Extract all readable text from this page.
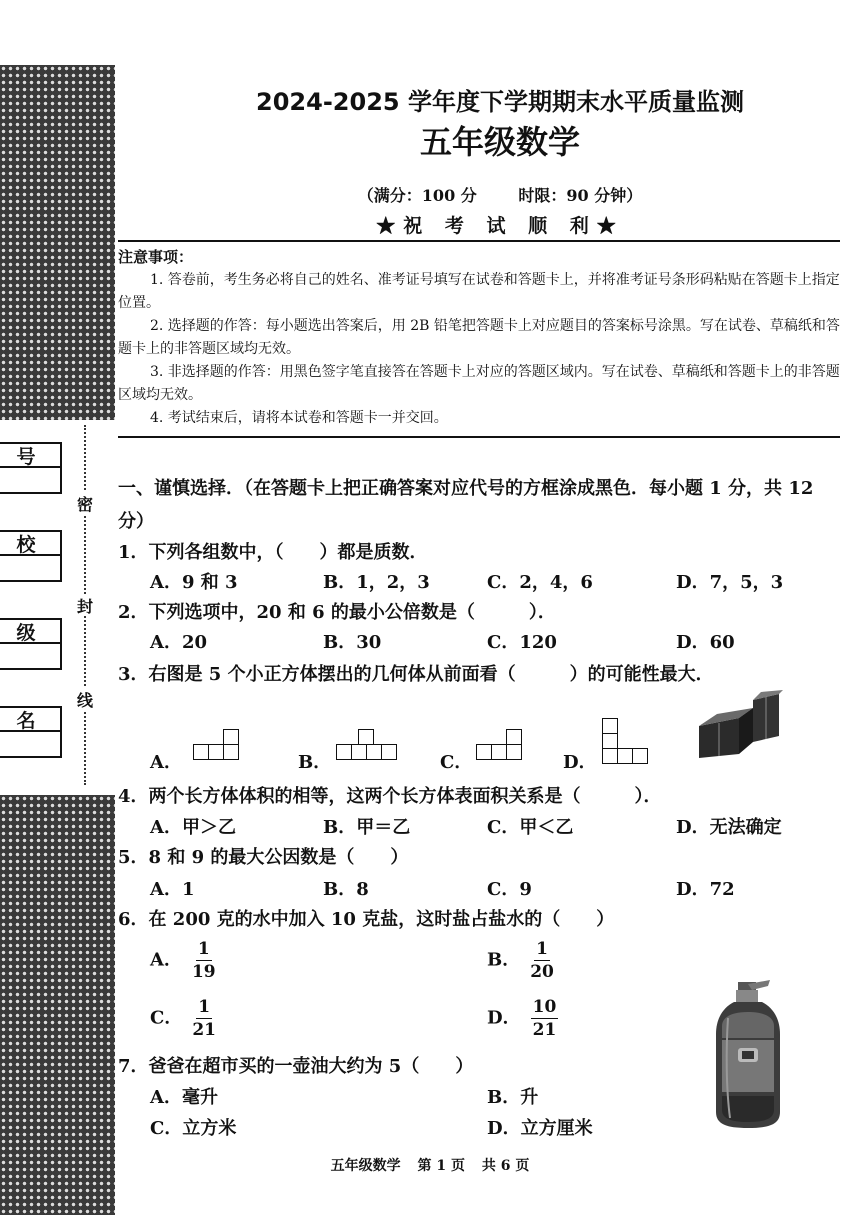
号
校
级
名
密
封
线
2024-2025 学年度下学期期末水平质量监测
五年级数学
（满分：100 分	时限：90 分钟）
★祝 考 试 顺 利★
注意事项：

1. 答卷前，考生务必将自己的姓名、准考证号填写在试卷和答题卡上，并将准考证号条形码粘贴在答题卡上指定位置。

2. 选择题的作答：每小题选出答案后，用 2B 铅笔把答题卡上对应题目的答案标号涂黑。写在试卷、草稿纸和答题卡上的非答题区域均无效。

3. 非选择题的作答：用黑色签字笔直接答在答题卡上对应的答题区域内。写在试卷、草稿纸和答题卡上的非答题区域均无效。

4. 考试结束后，请将本试卷和答题卡一并交回。

一、谨慎选择．（在答题卡上把正确答案对应代号的方框涂成黑色．每小题 1 分，共 12 分）
1．下列各组数中，（　　）都是质数．
A．9 和 3	B．1，2，3	C．2，4，6	D．7，5，3
2．下列选项中，20 和 6 的最小公倍数是（　　　）．
A．20	B．30	C．120	D．60
3．右图是 5 个小正方体摆出的几何体从前面看（　　　）的可能性最大．
A．	B．	C．	D．
4．两个长方体体积的相等，这两个长方体表面积关系是（　　　）．
A．甲＞乙	B．甲＝乙	C．甲＜乙	D．无法确定
5．8 和 9 的最大公因数是（　　）
A．1	B．8	C．9	D．72
6．在 200 克的水中加入 10 克盐，这时盐占盐水的（　　）
A． $\frac{1}{19}$	B． $\frac{1}{20}$
C． $\frac{1}{21}$	D． $\frac{10}{21}$
7．爸爸在超市买的一壶油大约为 5（　　）
A．毫升	B．升
C．立方米	D．立方厘米
五年级数学 第 1 页 共 6 页
